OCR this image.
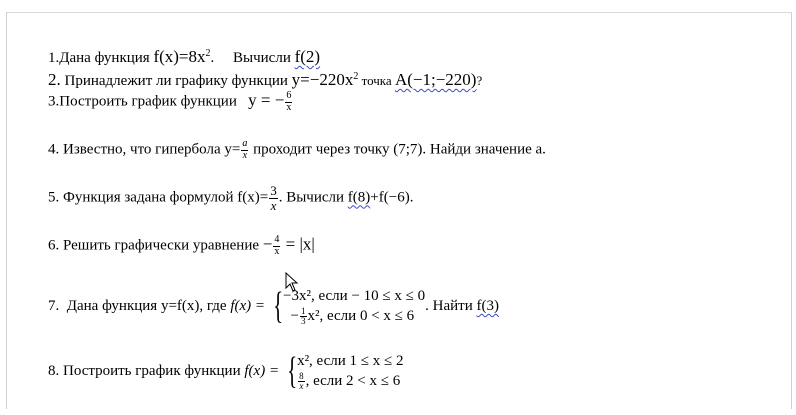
1.Дана функция $f(x)=8x^2$.     Вычисли f(2)
2. Принадлежит ли графику функции $y=-220x^2$ точка A(−1;−220)?
3.Построить график функции   y = − $\frac{6}{x}$
4. Известно, что гипербола $y= \frac{a}{x}$ проходит через точку (7;7). Найди значение a.
5. Функция задана формулой $f(x)= \frac{3}{x}$ . Вычисли f(8)+f(−6).
6. Решить графически уравнение − $\frac{4}{x} = |x|$
7.  Дана функция y=f(x), где f(x) = { −3x², если − 10 ≤ x ≤ 0
− $\frac{1}{3} x^2$, если 0 < x ≤ 6
. Найти f(3)
8. Построить график функции f(x) = { x², если 1 ≤ x ≤ 2
$\frac{8}{x}$ , если 2 < x ≤ 6
